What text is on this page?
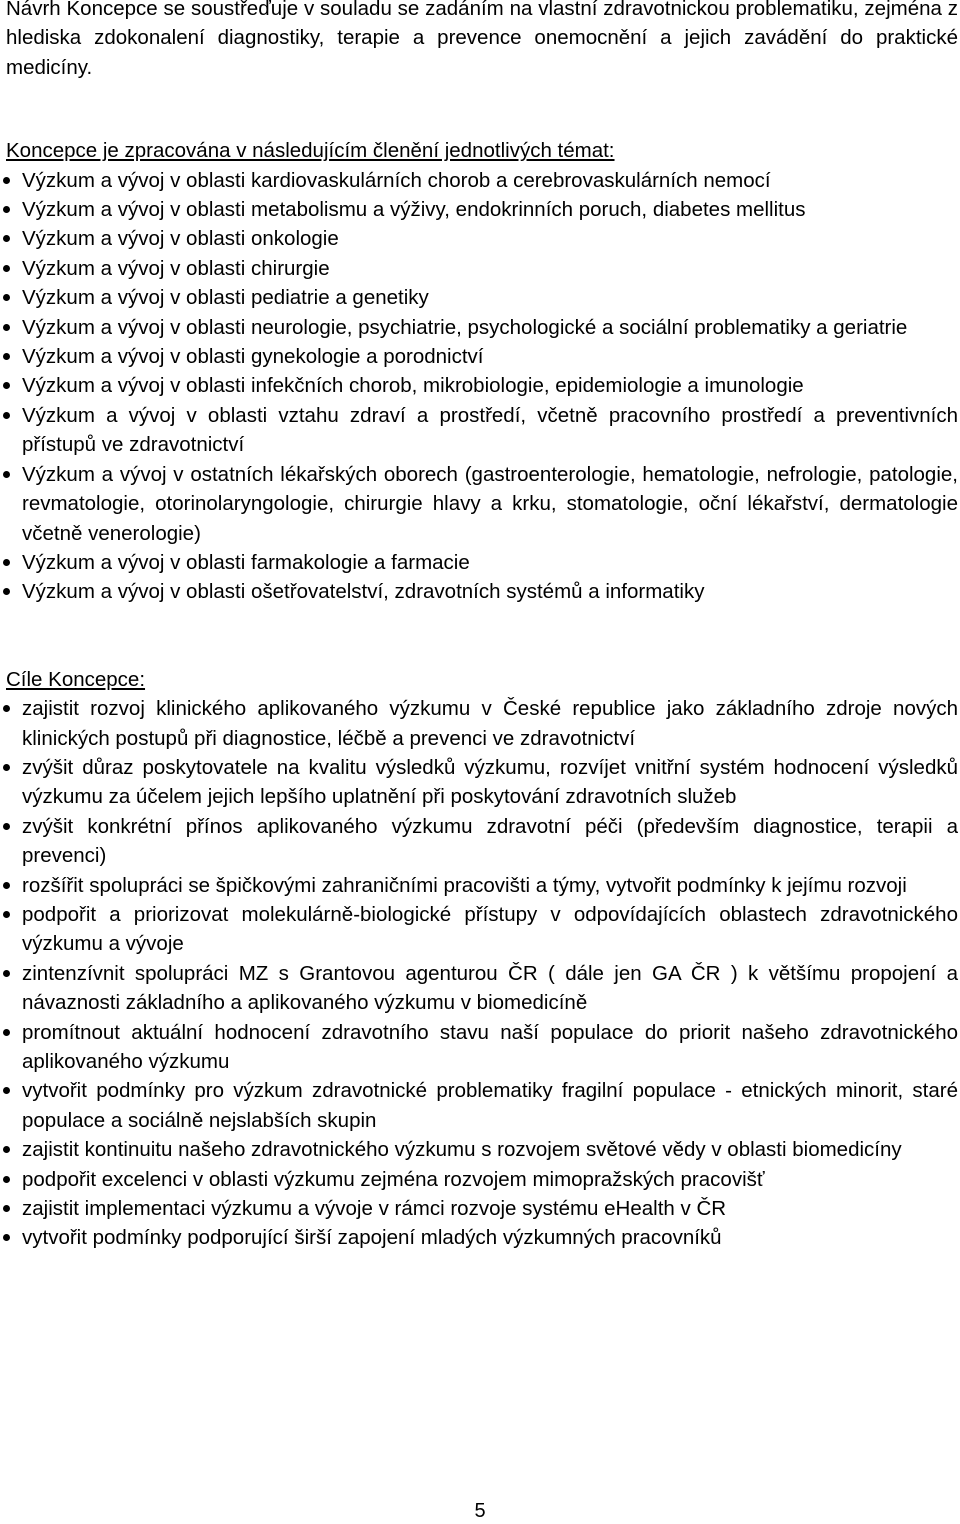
Návrh Koncepce se soustřeďuje v souladu se zadáním na vlastní zdravotnickou problematiku, zejména z hlediska zdokonalení diagnostiky, terapie a prevence onemocnění a jejich zavádění do praktické medicíny.

Koncepce je zpracována v následujícím členění jednotlivých témat:

Výzkum a vývoj v oblasti kardiovaskulárních chorob a cerebrovaskulárních nemocí
Výzkum a vývoj v oblasti metabolismu a výživy, endokrinních poruch, diabetes mellitus
Výzkum a vývoj v oblasti onkologie
Výzkum a vývoj v oblasti chirurgie
Výzkum a vývoj v oblasti pediatrie a genetiky
Výzkum a vývoj v oblasti neurologie, psychiatrie, psychologické a sociální problematiky a geriatrie
Výzkum a vývoj v oblasti gynekologie a porodnictví
Výzkum a vývoj v oblasti infekčních chorob, mikrobiologie, epidemiologie a imunologie
Výzkum a vývoj v oblasti vztahu zdraví a prostředí, včetně pracovního prostředí a preventivních přístupů ve zdravotnictví
Výzkum a vývoj v ostatních lékařských oborech (gastroenterologie, hematologie, nefrologie, patologie, revmatologie, otorinolaryngologie, chirurgie hlavy a krku, stomatologie, oční lékařství, dermatologie včetně venerologie)
Výzkum a vývoj v oblasti farmakologie a farmacie
Výzkum a vývoj v oblasti ošetřovatelství, zdravotních systémů a informatiky

Cíle Koncepce:

zajistit rozvoj klinického aplikovaného výzkumu v České republice jako základního zdroje nových klinických postupů při diagnostice, léčbě a prevenci ve zdravotnictví
zvýšit důraz poskytovatele na kvalitu výsledků výzkumu, rozvíjet vnitřní systém hodnocení výsledků výzkumu za účelem jejich lepšího uplatnění při poskytování zdravotních služeb
zvýšit konkrétní přínos aplikovaného výzkumu zdravotní péči (především diagnostice, terapii a prevenci)
rozšířit spolupráci se špičkovými zahraničními pracovišti a týmy, vytvořit podmínky k jejímu rozvoji
podpořit a priorizovat molekulárně-biologické přístupy v odpovídajících oblastech zdravotnického výzkumu a vývoje
zintenzívnit spolupráci MZ s Grantovou agenturou ČR ( dále jen GA ČR ) k většímu propojení a návaznosti základního a aplikovaného výzkumu v biomedicíně
promítnout aktuální hodnocení zdravotního stavu naší populace do priorit našeho zdravotnického aplikovaného výzkumu
vytvořit podmínky pro výzkum zdravotnické problematiky fragilní populace - etnických minorit, staré populace a sociálně nejslabších skupin
zajistit kontinuitu našeho zdravotnického výzkumu s rozvojem světové vědy v oblasti biomedicíny
podpořit excelenci v oblasti výzkumu zejména rozvojem mimopražských pracovišť
zajistit implementaci výzkumu a vývoje v rámci rozvoje systému eHealth v ČR
vytvořit podmínky podporující širší zapojení mladých výzkumných pracovníků
5
